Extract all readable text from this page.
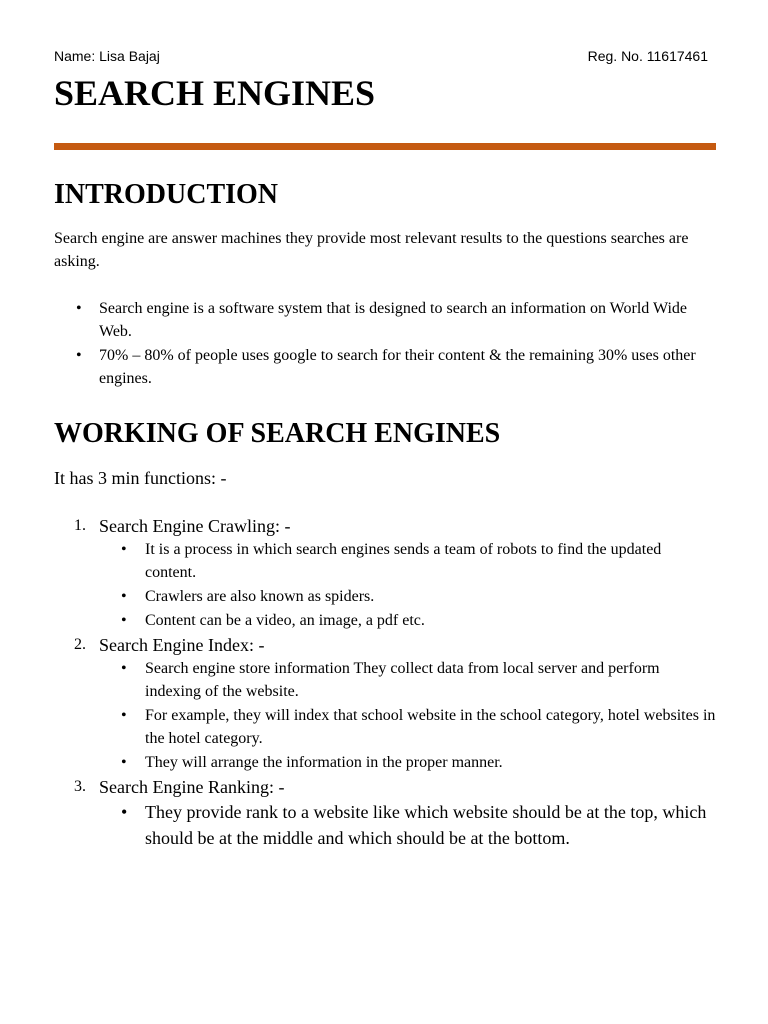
Name: Lisa Bajaj	Reg. No. 11617461
SEARCH ENGINES
INTRODUCTION

Search engine are answer machines they provide most relevant results to the questions searches are asking.

• Search engine is a software system that is designed to search an information on World Wide Web.
• 70% – 80% of people uses google to search for their content & the remaining 30% uses other engines.
WORKING OF SEARCH ENGINES

It has 3 min functions: -

1. Search Engine Crawling: -
• It is a process in which search engines sends a team of robots to find the updated content.
• Crawlers are also known as spiders.
• Content can be a video, an image, a pdf etc.
2. Search Engine Index: -
• Search engine store information They collect data from local server and perform indexing of the website.
• For example, they will index that school website in the school category, hotel websites in the hotel category.
• They will arrange the information in the proper manner.
3. Search Engine Ranking: -
• They provide rank to a website like which website should be at the top, which should be at the middle and which should be at the bottom.
